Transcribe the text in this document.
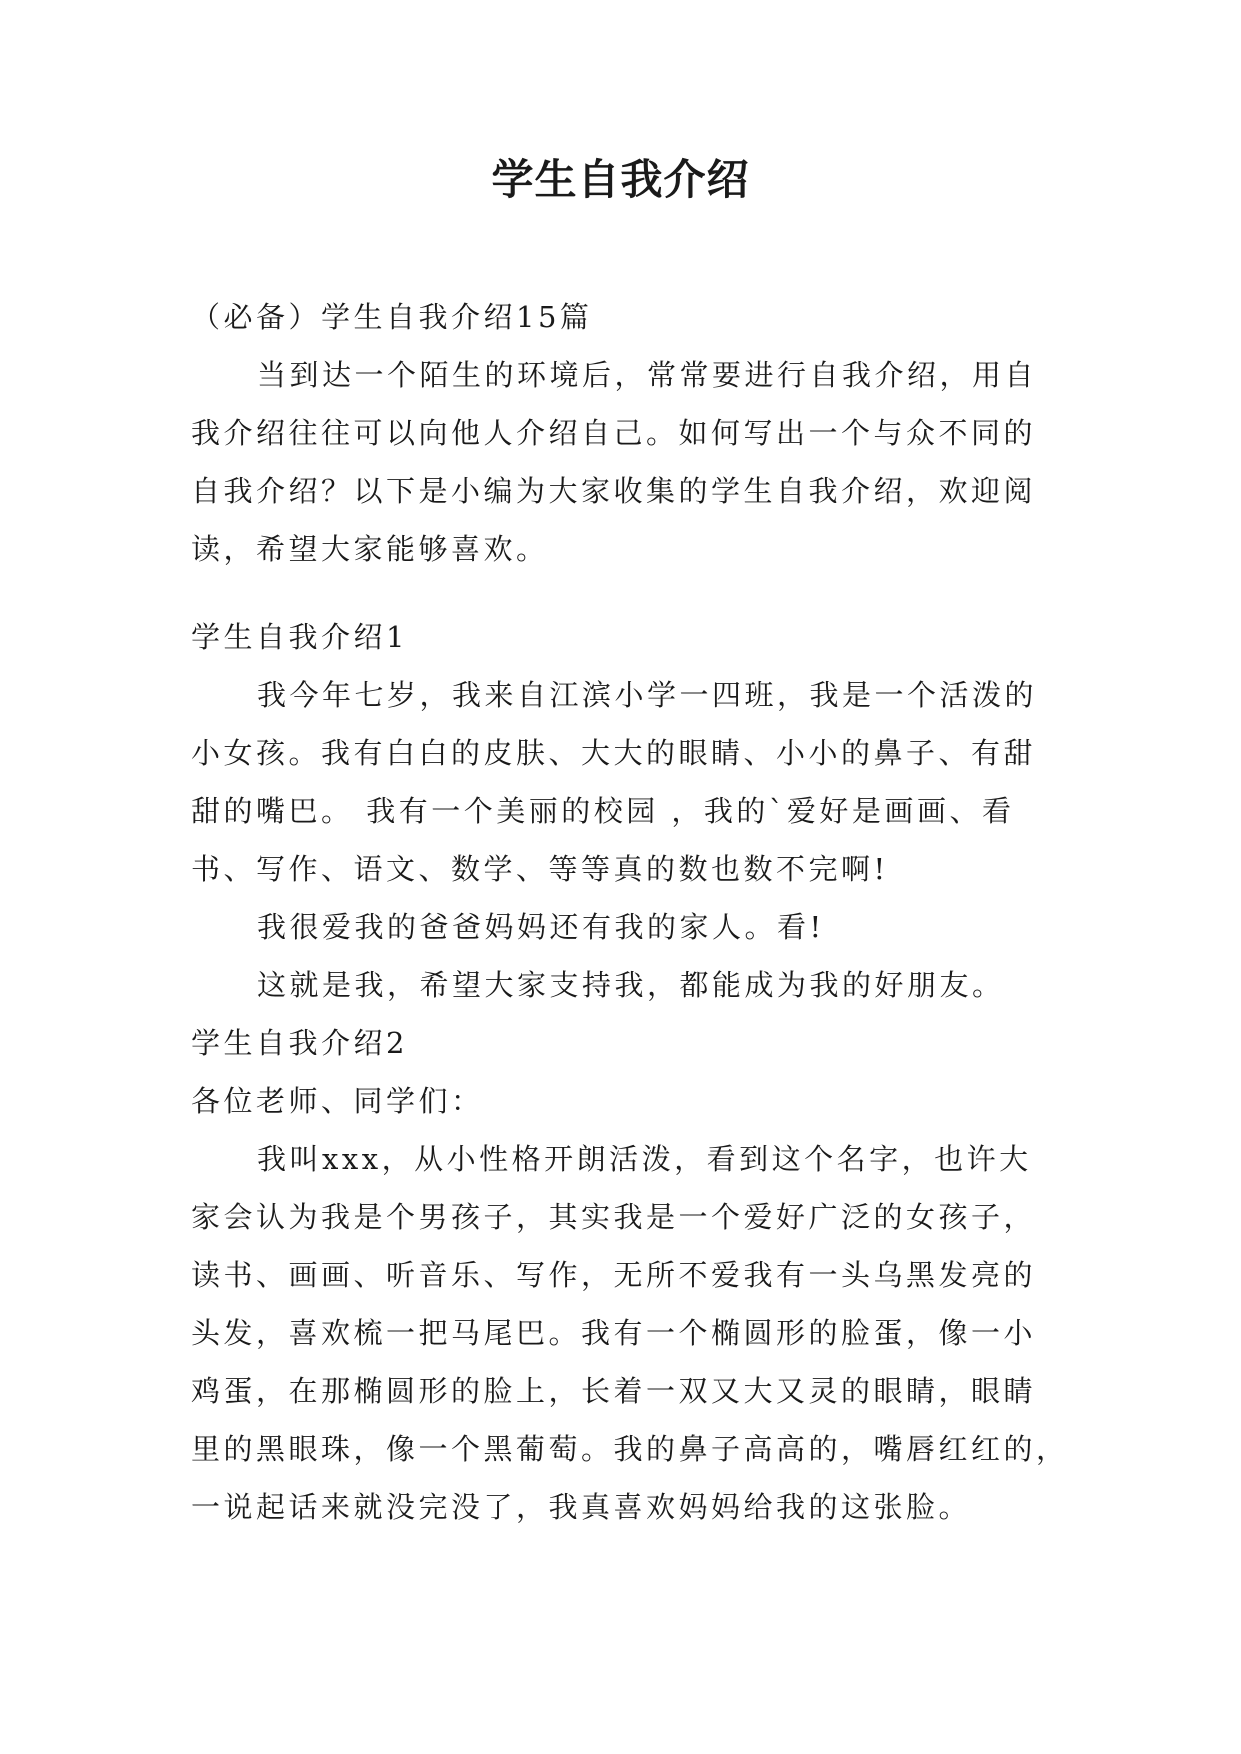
学生自我介绍
（必备）学生自我介绍15篇
当到达一个陌生的环境后，常常要进行自我介绍，用自
我介绍往往可以向他人介绍自己。如何写出一个与众不同的
自我介绍？以下是小编为大家收集的学生自我介绍，欢迎阅
读，希望大家能够喜欢。
学生自我介绍1
我今年七岁，我来自江滨小学一四班，我是一个活泼的
小女孩。我有白白的皮肤、大大的眼睛、小小的鼻子、有甜
甜的嘴巴。 我有一个美丽的校园 ，我的`爱好是画画、看
书、写作、语文、数学、等等真的数也数不完啊!
我很爱我的爸爸妈妈还有我的家人。看!
这就是我，希望大家支持我，都能成为我的好朋友。
学生自我介绍2
各位老师、同学们：
我叫xxx，从小性格开朗活泼，看到这个名字，也许大
家会认为我是个男孩子，其实我是一个爱好广泛的女孩子，
读书、画画、听音乐、写作，无所不爱我有一头乌黑发亮的
头发，喜欢梳一把马尾巴。我有一个椭圆形的脸蛋，像一小
鸡蛋，在那椭圆形的脸上，长着一双又大又灵的眼睛，眼睛
里的黑眼珠，像一个黑葡萄。我的鼻子高高的，嘴唇红红的，
一说起话来就没完没了，我真喜欢妈妈给我的这张脸。
